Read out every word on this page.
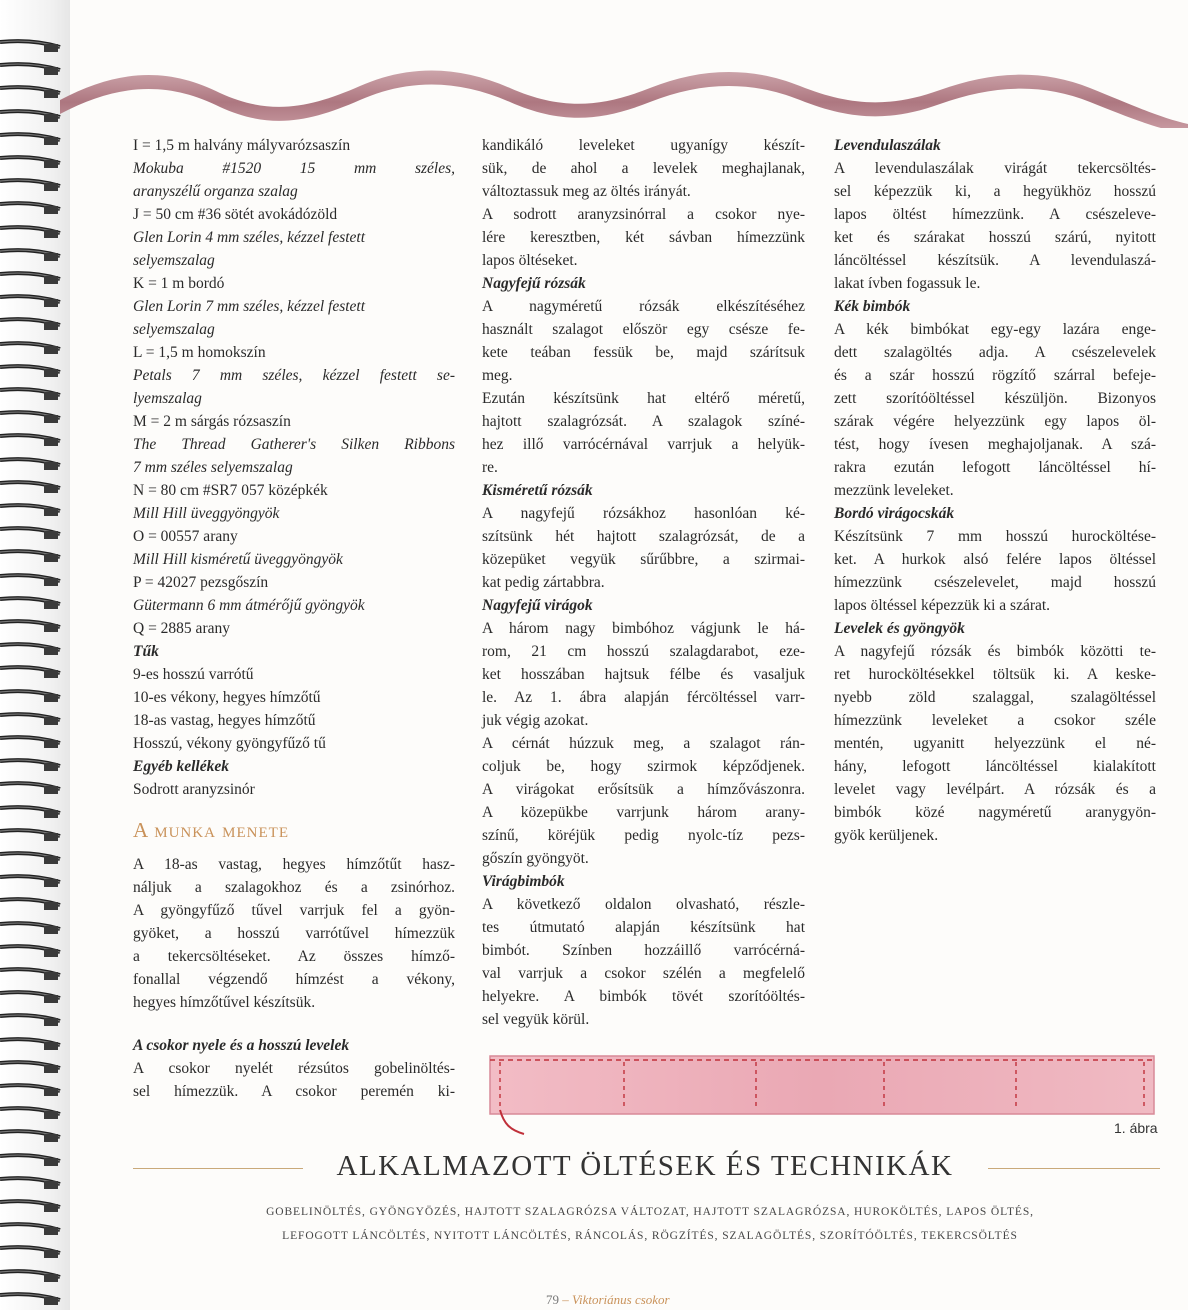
I = 1,5 m halvány mályvarózsaszín

Mokuba #1520 15 mm széles,

aranyszélű organza szalag

J = 50 cm #36 sötét avokádózöld

Glen Lorin 4 mm széles, kézzel festett

selyemszalag

K = 1 m bordó

Glen Lorin 7 mm széles, kézzel festett

selyemszalag

L = 1,5 m homokszín

Petals 7 mm széles, kézzel festett se-

lyemszalag

M = 2 m sárgás rózsaszín

The Thread Gatherer's Silken Ribbons

7 mm széles selyemszalag

N = 80 cm #SR7 057 középkék

Mill Hill üveggyöngyök

O = 00557 arany

Mill Hill kisméretű üveggyöngyök

P = 42027 pezsgőszín

Gütermann 6 mm átmérőjű gyöngyök

Q = 2885 arany

Tűk

9-es hosszú varrótű

10-es vékony, hegyes hímzőtű

18-as vastag, hegyes hímzőtű

Hosszú, vékony gyöngyfűző tű

Egyéb kellékek

Sodrott aranyzsinór

A munka menete

A 18-as vastag, hegyes hímzőtűt hasz-

náljuk a szalagokhoz és a zsinórhoz.

A gyöngyfűző tűvel varrjuk fel a gyön-

gyöket, a hosszú varrótűvel hímezzük

a tekercsöltéseket. Az összes hímző-

fonallal végzendő hímzést a vékony,

hegyes hímzőtűvel készítsük.

A csokor nyele és a hosszú levelek

A csokor nyelét rézsútos gobelinöltés-

sel hímezzük. A csokor peremén ki-

kandikáló leveleket ugyanígy készít-

sük, de ahol a levelek meghajlanak,

változtassuk meg az öltés irányát.

A sodrott aranyzsinórral a csokor nye-

lére keresztben, két sávban hímezzünk

lapos öltéseket.

Nagyfejű rózsák

A nagyméretű rózsák elkészítéséhez

használt szalagot először egy csésze fe-

kete teában fessük be, majd szárítsuk

meg.

Ezután készítsünk hat eltérő méretű,

hajtott szalagrózsát. A szalagok színé-

hez illő varrócérnával varrjuk a helyük-

re.

Kisméretű rózsák

A nagyfejű rózsákhoz hasonlóan ké-

szítsünk hét hajtott szalagrózsát, de a

közepüket vegyük sűrűbbre, a szirmai-

kat pedig zártabbra.

Nagyfejű virágok

A három nagy bimbóhoz vágjunk le há-

rom, 21 cm hosszú szalagdarabot, eze-

ket hosszában hajtsuk félbe és vasaljuk

le. Az 1. ábra alapján fércöltéssel varr-

juk végig azokat.

A cérnát húzzuk meg, a szalagot rán-

coljuk be, hogy szirmok képződjenek.

A virágokat erősítsük a hímzővászonra.

A közepükbe varrjunk három arany-

színű, köréjük pedig nyolc-tíz pezs-

gőszín gyöngyöt.

Virágbimbók

A következő oldalon olvasható, részle-

tes útmutató alapján készítsünk hat

bimbót. Színben hozzáillő varrócérná-

val varrjuk a csokor szélén a megfelelő

helyekre. A bimbók tövét szorítóöltés-

sel vegyük körül.

Levendulaszálak

A levendulaszálak virágát tekercsöltés-

sel képezzük ki, a hegyükhöz hosszú

lapos öltést hímezzünk. A csészeleve-

ket és szárakat hosszú szárú, nyitott

láncöltéssel készítsük. A levendulaszá-

lakat ívben fogassuk le.

Kék bimbók

A kék bimbókat egy-egy lazára enge-

dett szalagöltés adja. A csészelevelek

és a szár hosszú rögzítő szárral befeje-

zett szorítóöltéssel készüljön. Bizonyos

szárak végére helyezzünk egy lapos öl-

tést, hogy ívesen meghajoljanak. A szá-

rakra ezután lefogott láncöltéssel hí-

mezzünk leveleket.

Bordó virágocskák

Készítsünk 7 mm hosszú hurocköltése-

ket. A hurkok alsó felére lapos öltéssel

hímezzünk csészelevelet, majd hosszú

lapos öltéssel képezzük ki a szárat.

Levelek és gyöngyök

A nagyfejű rózsák és bimbók közötti te-

ret hurocköltésekkel töltsük ki. A keske-

nyebb zöld szalaggal, szalagöltéssel

hímezzünk leveleket a csokor széle

mentén, ugyanitt helyezzünk el né-

hány, lefogott láncöltéssel kialakított

levelet vagy levélpárt. A rózsák és a

bimbók közé nagyméretű aranygyön-

gyök kerüljenek.

1. ábra
ALKALMAZOTT ÖLTÉSEK ÉS TECHNIKÁK
GOBELINÖLTÉS, GYÖNGYÖZÉS, HAJTOTT SZALAGRÓZSA VÁLTOZAT, HAJTOTT SZALAGRÓZSA, HUROKÖLTÉS, LAPOS ÖLTÉS,
LEFOGOTT LÁNCÖLTÉS, NYITOTT LÁNCÖLTÉS, RÁNCOLÁS, RÖGZÍTÉS, SZALAGÖLTÉS, SZORÍTÓÖLTÉS, TEKERCSÖLTÉS
79 – Viktoriánus csokor
